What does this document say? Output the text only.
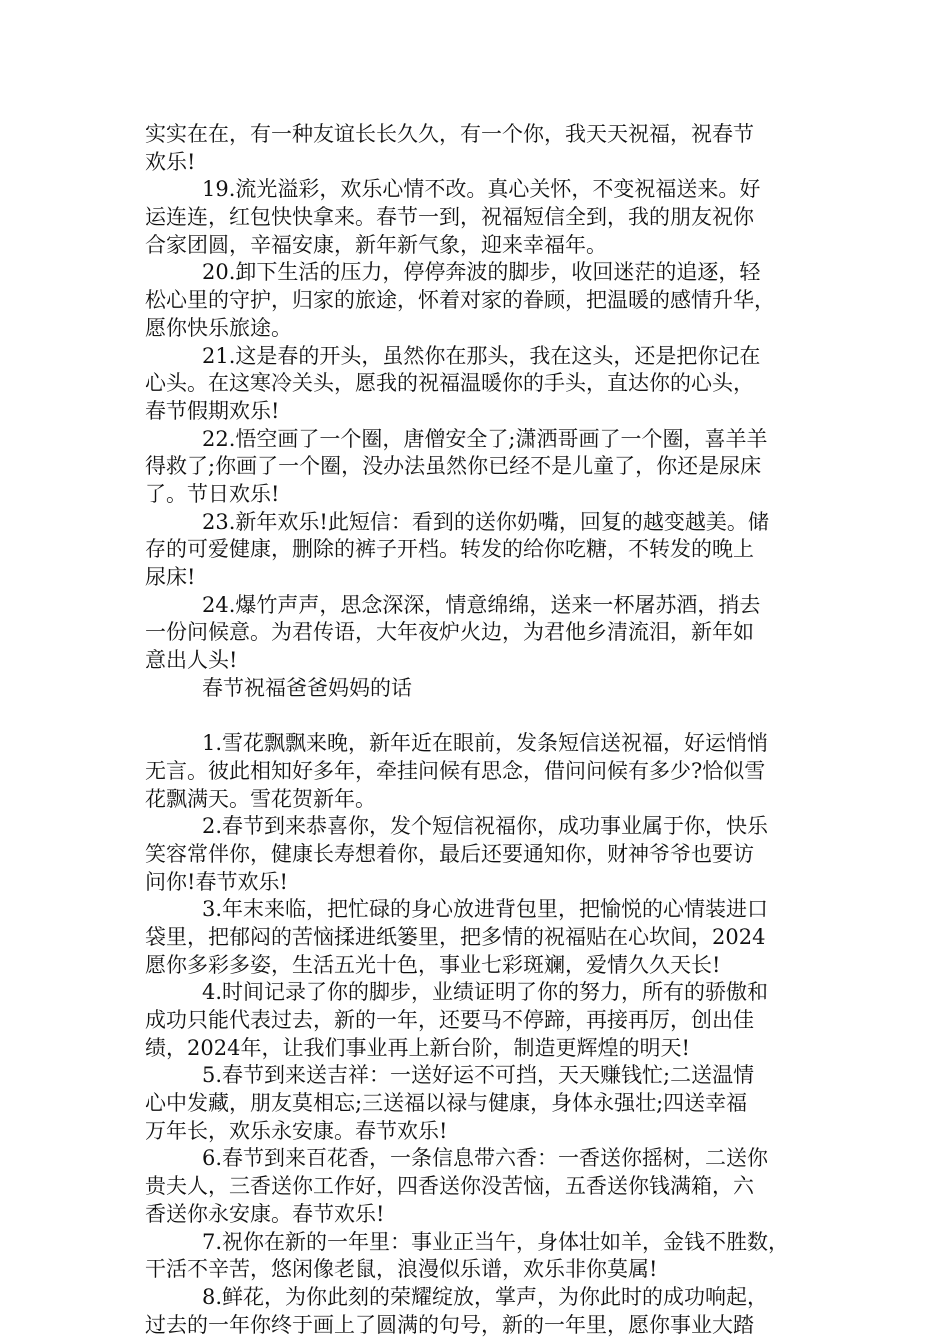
实实在在，有一种友谊长长久久，有一个你，我天天祝福，祝春节
欢乐!
19.流光溢彩，欢乐心情不改。真心关怀，不变祝福送来。好
运连连，红包快快拿来。春节一到，祝福短信全到，我的朋友祝你
合家团圆，辛福安康，新年新气象，迎来幸福年。
20.卸下生活的压力，停停奔波的脚步，收回迷茫的追逐，轻
松心里的守护，归家的旅途，怀着对家的眷顾，把温暖的感情升华，
愿你快乐旅途。
21.这是春的开头，虽然你在那头，我在这头，还是把你记在
心头。在这寒冷关头，愿我的祝福温暖你的手头，直达你的心头，
春节假期欢乐!
22.悟空画了一个圈，唐僧安全了;潇洒哥画了一个圈，喜羊羊
得救了;你画了一个圈，没办法虽然你已经不是儿童了，你还是尿床
了。节日欢乐!
23.新年欢乐!此短信：看到的送你奶嘴，回复的越变越美。储
存的可爱健康，删除的裤子开档。转发的给你吃糖，不转发的晚上
尿床!
24.爆竹声声，思念深深，情意绵绵，送来一杯屠苏酒，捎去
一份问候意。为君传语，大年夜炉火边，为君他乡清流泪，新年如
意出人头!
春节祝福爸爸妈妈的话
1.雪花飘飘来晚，新年近在眼前，发条短信送祝福，好运悄悄
无言。彼此相知好多年，牵挂问候有思念，借问问候有多少?恰似雪
花飘满天。雪花贺新年。
2.春节到来恭喜你，发个短信祝福你，成功事业属于你，快乐
笑容常伴你，健康长寿想着你，最后还要通知你，财神爷爷也要访
问你!春节欢乐!
3.年末来临，把忙碌的身心放进背包里，把愉悦的心情装进口
袋里，把郁闷的苦恼揉进纸篓里，把多情的祝福贴在心坎间，2024
愿你多彩多姿，生活五光十色，事业七彩斑斓，爱情久久天长!
4.时间记录了你的脚步，业绩证明了你的努力，所有的骄傲和
成功只能代表过去，新的一年，还要马不停蹄，再接再厉，创出佳
绩，2024年，让我们事业再上新台阶，制造更辉煌的明天!
5.春节到来送吉祥：一送好运不可挡，天天赚钱忙;二送温情
心中发藏，朋友莫相忘;三送福以禄与健康，身体永强壮;四送幸福
万年长，欢乐永安康。春节欢乐!
6.春节到来百花香，一条信息带六香：一香送你摇树，二送你
贵夫人，三香送你工作好，四香送你没苦恼，五香送你钱满箱，六
香送你永安康。春节欢乐!
7.祝你在新的一年里：事业正当午，身体壮如羊，金钱不胜数，
干活不辛苦，悠闲像老鼠，浪漫似乐谱，欢乐非你莫属!
8.鲜花，为你此刻的荣耀绽放，掌声，为你此时的成功响起，
过去的一年你终于画上了圆满的句号，新的一年里，愿你事业大踏
